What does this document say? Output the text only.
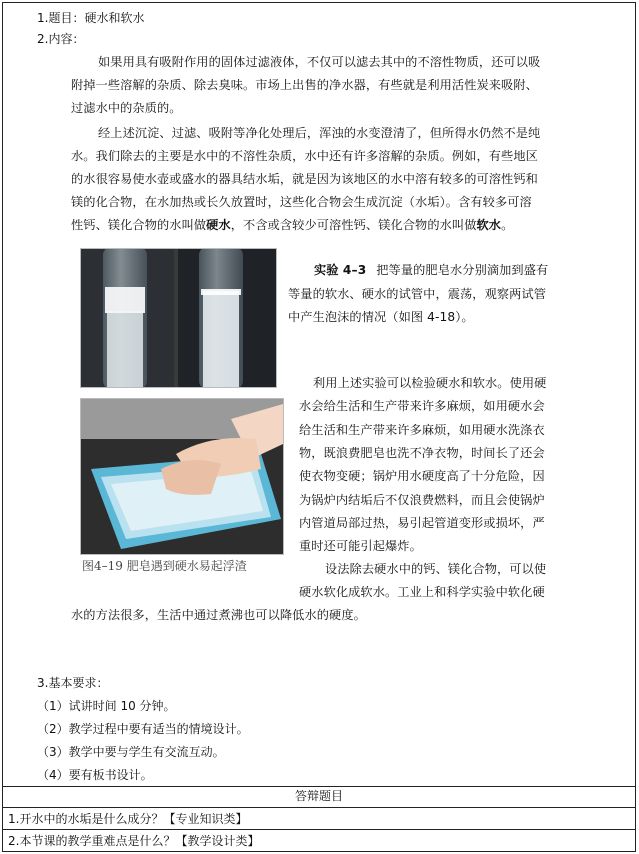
1.题目：硬水和软水
2.内容：
如果用具有吸附作用的固体过滤液体，不仅可以滤去其中的不溶性物质，还可以吸
附掉一些溶解的杂质、除去臭味。市场上出售的净水器，有些就是利用活性炭来吸附、
过滤水中的杂质的。
经上述沉淀、过滤、吸附等净化处理后，浑浊的水变澄清了，但所得水仍然不是纯
水。我们除去的主要是水中的不溶性杂质，水中还有许多溶解的杂质。例如，有些地区
的水很容易使水壶或盛水的器具结水垢，就是因为该地区的水中溶有较多的可溶性钙和
镁的化合物，在水加热或长久放置时，这些化合物会生成沉淀（水垢）。含有较多可溶
性钙、镁化合物的水叫做硬水，不含或含较少可溶性钙、镁化合物的水叫做软水。
实验 4–3 把等量的肥皂水分别滴加到盛有
等量的软水、硬水的试管中，震荡，观察两试管
中产生泡沫的情况（如图 4-18）。
图4–19 肥皂遇到硬水易起浮渣
利用上述实验可以检验硬水和软水。使用硬
水会给生活和生产带来许多麻烦，如用硬水会
给生活和生产带来许多麻烦，如用硬水洗涤衣
物，既浪费肥皂也洗不净衣物，时间长了还会
使衣物变硬；锅炉用水硬度高了十分危险，因
为锅炉内结垢后不仅浪费燃料，而且会使锅炉
内管道局部过热，易引起管道变形或损坏，严
重时还可能引起爆炸。
设法除去硬水中的钙、镁化合物，可以使
硬水软化成软水。工业上和科学实验中软化硬
水的方法很多，生活中通过煮沸也可以降低水的硬度。
3.基本要求：
（1）试讲时间 10 分钟。
（2）教学过程中要有适当的情境设计。
（3）教学中要与学生有交流互动。
（4）要有板书设计。
答辩题目
1.开水中的水垢是什么成分？【专业知识类】
2.本节课的教学重难点是什么？【教学设计类】
